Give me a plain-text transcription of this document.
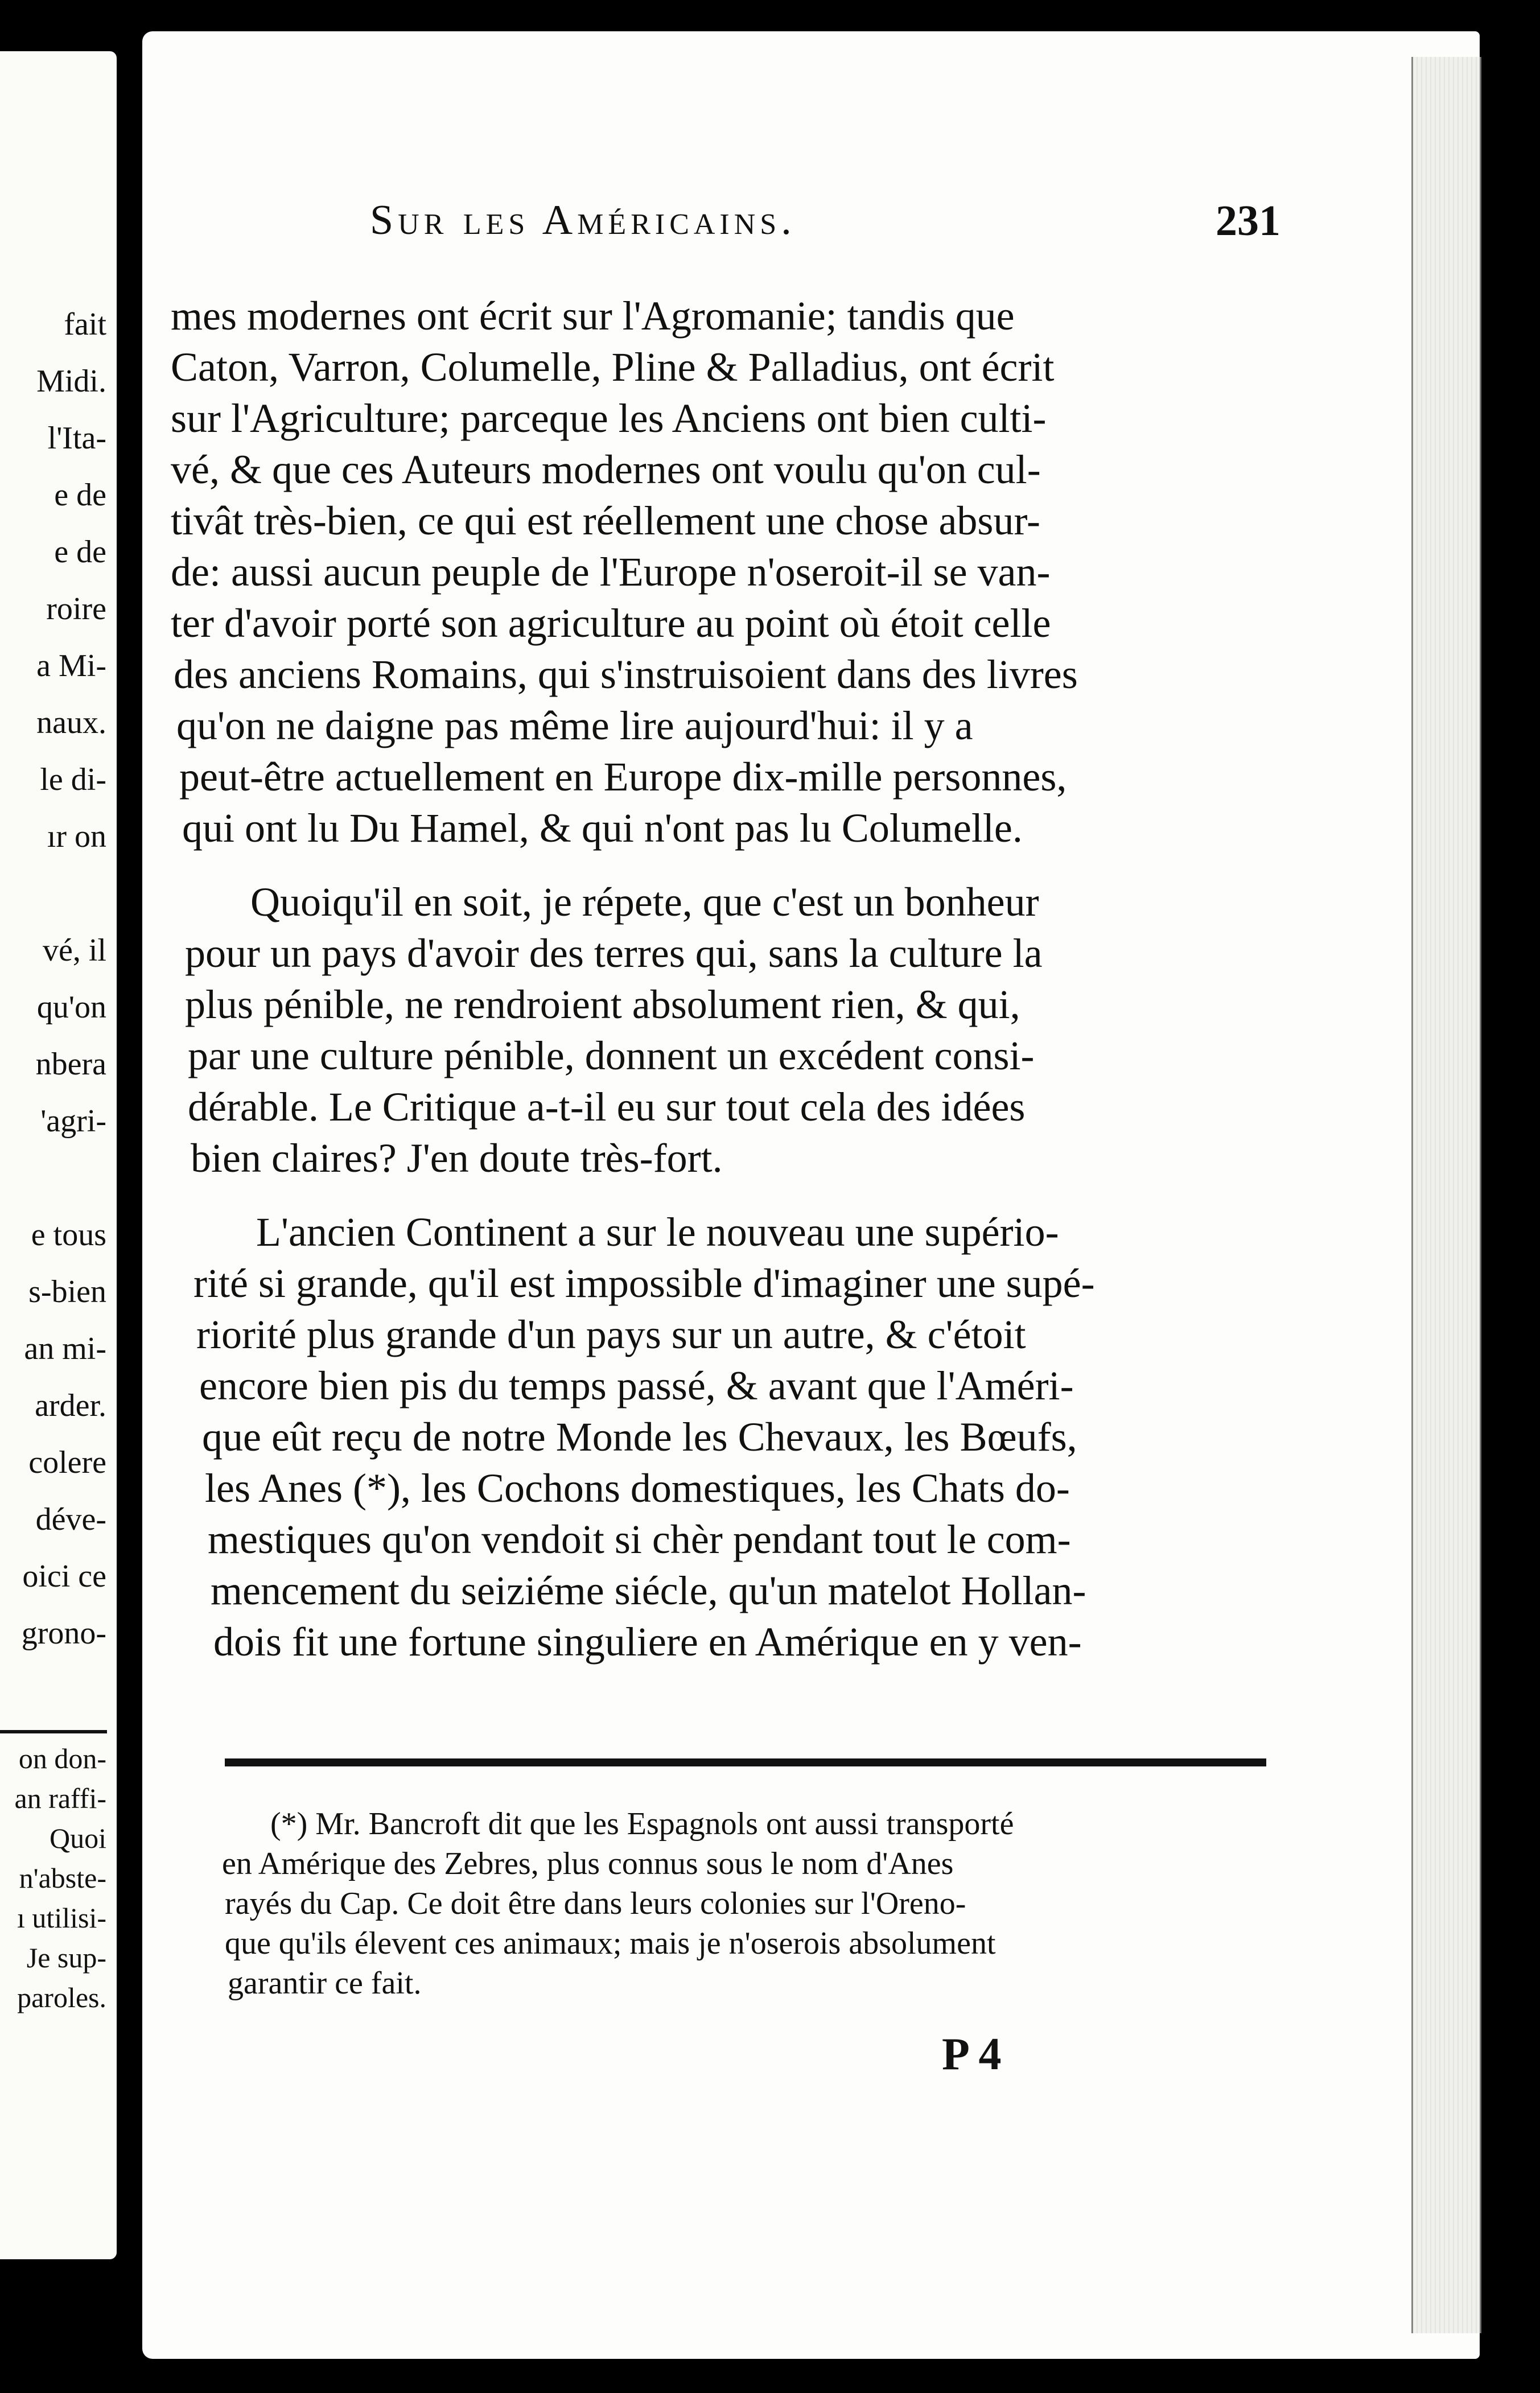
fait
Midi.
l'Ita-
e de
e de
roire
a Mi-
naux.
le di-
ır on
vé, il
qu'on
nbera
'agri-
e tous
s-bien
an mi-
arder.
colere
déve-
oici ce
grono-
on don-
an raffi-
Quoi
n'abste-
ı utilisi-
Je sup-
paroles.
Sur les Américains.	231
mes modernes ont écrit sur l'Agromanie; tandis que
Caton, Varron, Columelle, Pline & Palladius, ont écrit
sur l'Agriculture; parceque les Anciens ont bien culti-
vé, & que ces Auteurs modernes ont voulu qu'on cul-
tivât très-bien, ce qui est réellement une chose absur-
de: aussi aucun peuple de l'Europe n'oseroit-il se van-
ter d'avoir porté son agriculture au point où étoit celle
des anciens Romains, qui s'instruisoient dans des livres
qu'on ne daigne pas même lire aujourd'hui: il y a
peut-être actuellement en Europe dix-mille personnes,
qui ont lu Du Hamel, & qui n'ont pas lu Columelle.
Quoiqu'il en soit, je répete, que c'est un bonheur
pour un pays d'avoir des terres qui, sans la culture la
plus pénible, ne rendroient absolument rien, & qui,
par une culture pénible, donnent un excédent consi-
dérable. Le Critique a-t-il eu sur tout cela des idées
bien claires? J'en doute très-fort.
L'ancien Continent a sur le nouveau une supério-
rité si grande, qu'il est impossible d'imaginer une supé-
riorité plus grande d'un pays sur un autre, & c'étoit
encore bien pis du temps passé, & avant que l'Améri-
que eût reçu de notre Monde les Chevaux, les Bœufs,
les Anes (*), les Cochons domestiques, les Chats do-
mestiques qu'on vendoit si chèr pendant tout le com-
mencement du seiziéme siécle, qu'un matelot Hollan-
dois fit une fortune singuliere en Amérique en y ven-
(*) Mr. Bancroft dit que les Espagnols ont aussi transporté
en Amérique des Zebres, plus connus sous le nom d'Anes
rayés du Cap. Ce doit être dans leurs colonies sur l'Oreno-
que qu'ils élevent ces animaux; mais je n'oserois absolument
garantir ce fait.
P 4
